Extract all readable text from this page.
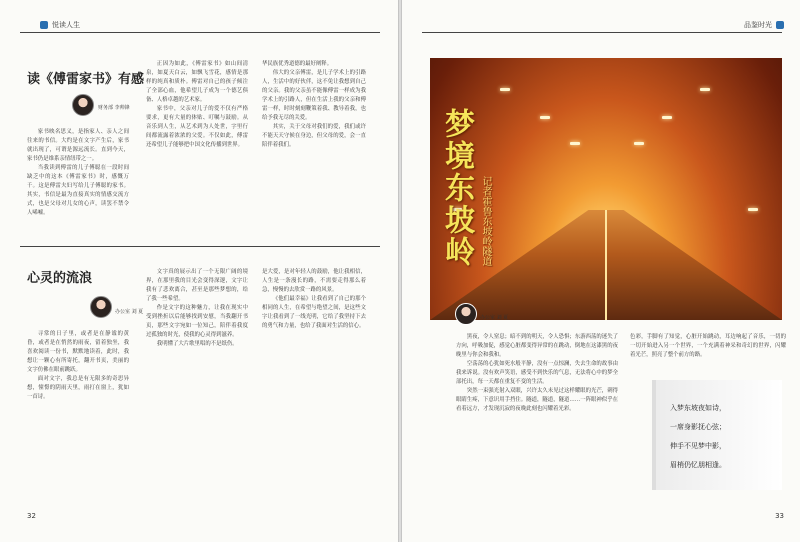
悦读人生
读《傅雷家书》有感
财务部 李帅锋

家书映名思义，是指家人、亲人之间往来的书信。大约是在文字产生后，家书就出现了，可谓是源远流长。直到今天，家书仍是维系亲情纽带之一。

当我读到傅雷的儿子傅聪在一段时间缺乏中的这本《傅雷家书》时，感慨万千。这是傅雷夫妇写给儿子傅聪的家书。其实，书信是最为直接真实的情感交流方式，也是父母对儿女的心声，读罢不禁令人唏嘘。

正因为如此，《傅雷家书》如山间清泉，如夏天白云，如飘飞雪花，感情是那样的纯真和质朴。傅雷对自己的孩子倾注了全部心血，他希望儿子成为一个德艺俱备、人格卓越的艺术家。

家书中，父亲对儿子的爱不仅有严格要求，更有大量的体贴、叮嘱与鼓励。从音乐到人生，从艺术到为人处世，字里行间都流露着浓浓的父爱。不仅如此，傅雷还希望儿子能够把中国文化传播到世界。

华民族优秀道德的最好阐释。

伟大的父亲傅雷，是儿子学术上的引路人，生活中的好伙伴，这不免让我想到自己的父亲。我的父亲虽不能像傅雷一样成为我学术上的引路人，但在生活上我的父亲和傅雷一样，时时刻刻鞭策着我、教导着我，也给予我无尽的关爱。

其实，关于父母对我们的爱，我们或许不能天天守候在身边，但父母的爱，会一直陪伴着我们。

心灵的流浪
办公室 刘 夏

寻常的日子里，或者是在静谧的黄昏，或者是在悄然的雨夜，留着独坐，我喜欢阅读一份书，默默地读着，此时，我想让一颗心有所寄托，翻开书页，美丽的文字仿佛在眼前跳跃。

面对文字，我总是有无限多的奇思异想，憧憬的阴雨天里，雨打在窗上，犹如一首诗。

文字真的展示出了一个无限广阔的境界，在那里我的目光会变得深邃，文字让我有了悲欢离合，甚至是那些梦想的，给了我一些希望。

作是文字的这种魅力，让我在现实中受到挫折以后能够找到安慰，当我翻开书页，那些文字宛如一位知己，陪伴着我度过孤独的时光，使我的心灵得到滋养。

我明懂了大片歌里唱的不是纸伤。

是大爱，是对年轻人的鼓励，他让我相信，人生是一条漫长的路，不需要走得那么着急，慢慢的去欣赏一路的风景。

《他们最幸福》让我看到了自己的那个相同的人生，在希望与绝望之间，是这些文字让我看到了一线光明，它给了我坚持下去的勇气和力量，也给了我面对生活的信心。

32
品鉴时光
梦境东坡岭 记者霍鲁东坡岭隧道
办公室 刘 夏

黑夜，令人窒息；暗不到的明天，令人恐惧；东游西荡的迷失了方向，呼吸加促，感觉心脏都变得异常的在跳动，倒地在这漆黑的夜晚里与你会和我和。

空荡荡的心犹如死水般平静，没有一点惊澜，失去生命的故事由我来诉说。没有欢声笑语，感受不到快乐的气息，无法将心中的梦全部托出，每一天都在重复不变的生活。

突然一束强光射入双眼，兴许太久未见过这样耀眼的光芒，刺得眼睛生疼，下意识用手挡住。隧道，隧道，隧道……一阵眼神似乎在看着远方，才发现沉寂的夜晚此刻也闪耀着光彩。

色彩，手脚有了知觉，心脏开始跳动，耳边响起了音乐，一切的一切开始进入另一个世界，一个充满着神采和奇幻的世界，闪耀着光芒，照亮了整个前方的路。

入梦东坡夜如诗，
一席身影抚心弦；
伸手不见梦中影，
眉梢仍忆朋相逢。
33
